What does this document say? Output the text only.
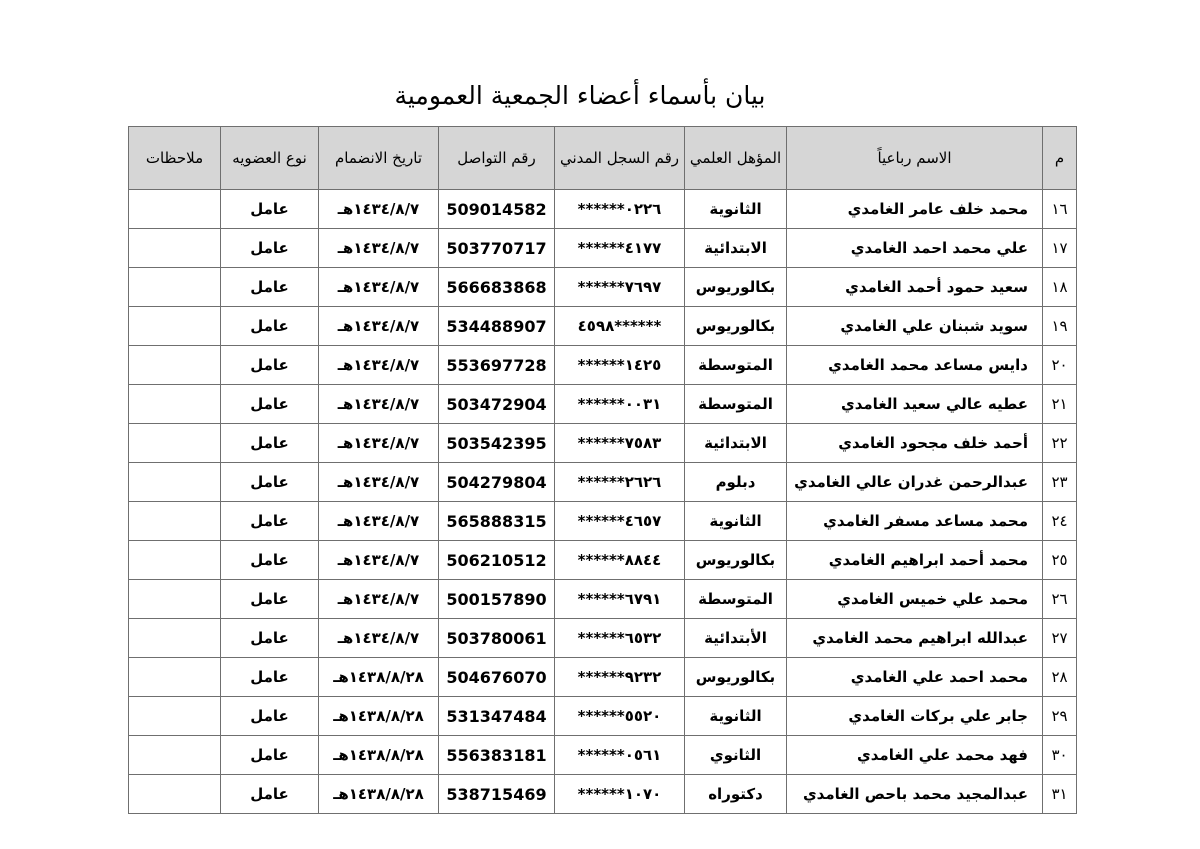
بيان بأسماء أعضاء الجمعية العمومية
م	الاسم رباعياً	المؤهل العلمي	رقم السجل المدني	رقم التواصل	تاريخ الانضمام	نوع العضويه	ملاحظات
١٦	محمد خلف عامر الغامدي	الثانوية	******٠٢٢٦	509014582	١٤٣٤/٨/٧هـ	عامل	
١٧	علي محمد احمد الغامدي	الابتدائية	******٤١٧٧	503770717	١٤٣٤/٨/٧هـ	عامل	
١٨	سعيد حمود أحمد الغامدي	بكالوريوس	******٧٦٩٧	566683868	١٤٣٤/٨/٧هـ	عامل	
١٩	سويد شبنان علي الغامدي	بكالوريوس	٤٥٩٨******	534488907	١٤٣٤/٨/٧هـ	عامل	
٢٠	دايس مساعد محمد الغامدي	المتوسطة	******١٤٢٥	553697728	١٤٣٤/٨/٧هـ	عامل	
٢١	عطيه عالي سعيد الغامدي	المتوسطة	******٠٠٣١	503472904	١٤٣٤/٨/٧هـ	عامل	
٢٢	أحمد خلف مجحود الغامدي	الابتدائية	******٧٥٨٣	503542395	١٤٣٤/٨/٧هـ	عامل	
٢٣	عبدالرحمن غدران عالي الغامدي	دبلوم	******٢٦٢٦	504279804	١٤٣٤/٨/٧هـ	عامل	
٢٤	محمد مساعد مسفر الغامدي	الثانوية	******٤٦٥٧	565888315	١٤٣٤/٨/٧هـ	عامل	
٢٥	محمد أحمد ابراهيم الغامدي	بكالوريوس	******٨٨٤٤	506210512	١٤٣٤/٨/٧هـ	عامل	
٢٦	محمد علي خميس الغامدي	المتوسطة	******٦٧٩١	500157890	١٤٣٤/٨/٧هـ	عامل	
٢٧	عبدالله ابراهيم محمد الغامدي	الأبتدائية	******٦٥٣٢	503780061	١٤٣٤/٨/٧هـ	عامل	
٢٨	محمد احمد علي الغامدي	بكالوريوس	******٩٢٣٢	504676070	١٤٣٨/٨/٢٨هـ	عامل	
٢٩	جابر علي بركات الغامدي	الثانوية	******٥٥٢٠	531347484	١٤٣٨/٨/٢٨هـ	عامل	
٣٠	فهد محمد علي الغامدي	الثانوي	******٠٥٦١	556383181	١٤٣٨/٨/٢٨هـ	عامل	
٣١	عبدالمجيد محمد باحص الغامدي	دكتوراه	******١٠٧٠	538715469	١٤٣٨/٨/٢٨هـ	عامل	
